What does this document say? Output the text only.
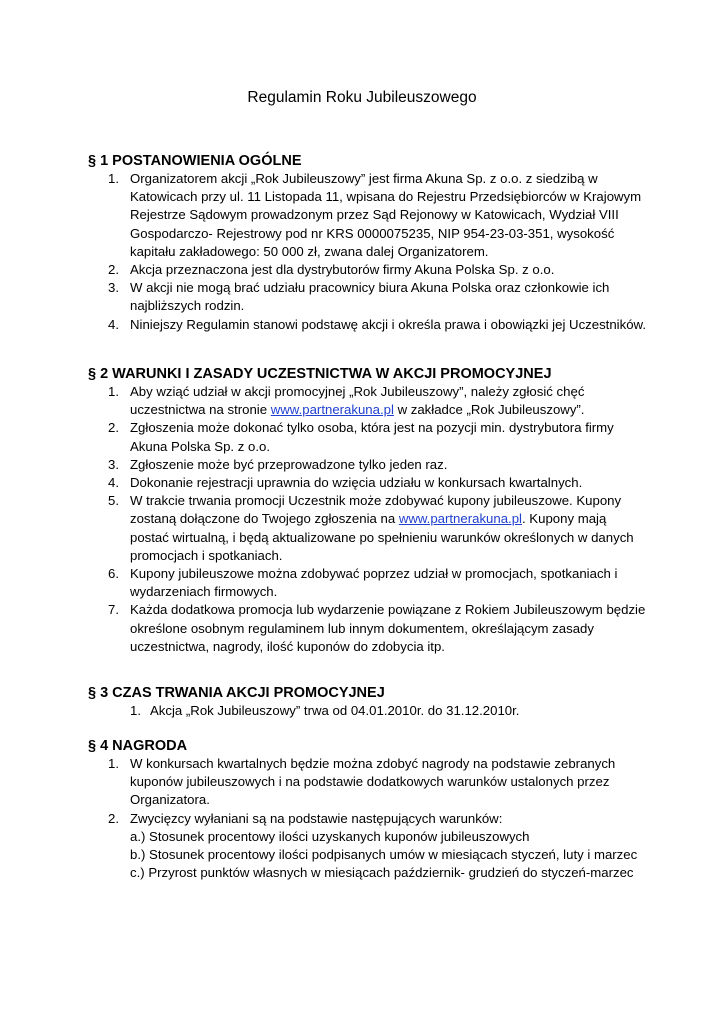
Regulamin Roku Jubileuszowego
§ 1 POSTANOWIENIA OGÓLNE
1. Organizatorem akcji „Rok Jubileuszowy” jest firma Akuna Sp. z o.o. z siedzibą w Katowicach przy ul. 11 Listopada 11, wpisana do Rejestru Przedsiębiorców w Krajowym Rejestrze Sądowym prowadzonym przez Sąd Rejonowy w Katowicach, Wydział VIII Gospodarczo- Rejestrowy pod nr KRS 0000075235, NIP 954-23-03-351, wysokość kapitału zakładowego: 50 000 zł, zwana dalej Organizatorem.
2. Akcja przeznaczona jest dla dystrybutorów firmy Akuna Polska Sp. z o.o.
3. W akcji nie mogą brać udziału pracownicy biura Akuna Polska oraz członkowie ich najbliższych rodzin.
4. Niniejszy Regulamin stanowi podstawę akcji i określa prawa i obowiązki jej Uczestników.
§ 2 WARUNKI I ZASADY UCZESTNICTWA W AKCJI PROMOCYJNEJ
1. Aby wziąć udział w akcji promocyjnej „Rok Jubileuszowy”, należy zgłosić chęć uczestnictwa na stronie www.partnerakuna.pl w zakładce „Rok Jubileuszowy”.
2. Zgłoszenia może dokonać tylko osoba, która jest na pozycji min. dystrybutora firmy Akuna Polska Sp. z o.o.
3. Zgłoszenie może być przeprowadzone tylko jeden raz.
4. Dokonanie rejestracji uprawnia do wzięcia udziału w konkursach kwartalnych.
5. W trakcie trwania promocji Uczestnik może zdobywać kupony jubileuszowe. Kupony zostaną dołączone do Twojego zgłoszenia na www.partnerakuna.pl. Kupony mają postać wirtualną, i będą aktualizowane po spełnieniu warunków określonych w danych promocjach i spotkaniach.
6. Kupony jubileuszowe można zdobywać poprzez udział w promocjach, spotkaniach i wydarzeniach firmowych.
7. Każda dodatkowa promocja lub wydarzenie powiązane z Rokiem Jubileuszowym będzie określone osobnym regulaminem lub innym dokumentem, określającym zasady uczestnictwa, nagrody, ilość kuponów do zdobycia itp.
§ 3 CZAS TRWANIA AKCJI PROMOCYJNEJ
1. Akcja „Rok Jubileuszowy” trwa od 04.01.2010r. do 31.12.2010r.
§ 4 NAGRODA
1. W konkursach kwartalnych będzie można zdobyć nagrody na podstawie zebranych kuponów jubileuszowych i na podstawie dodatkowych warunków ustalonych przez Organizatora.
2. Zwycięzcy wyłaniani są na podstawie następujących warunków:
a.) Stosunek procentowy ilości uzyskanych kuponów jubileuszowych
b.) Stosunek procentowy ilości podpisanych umów w miesiącach styczeń, luty i marzec
c.) Przyrost punktów własnych w miesiącach październik- grudzień do styczeń-marzec
